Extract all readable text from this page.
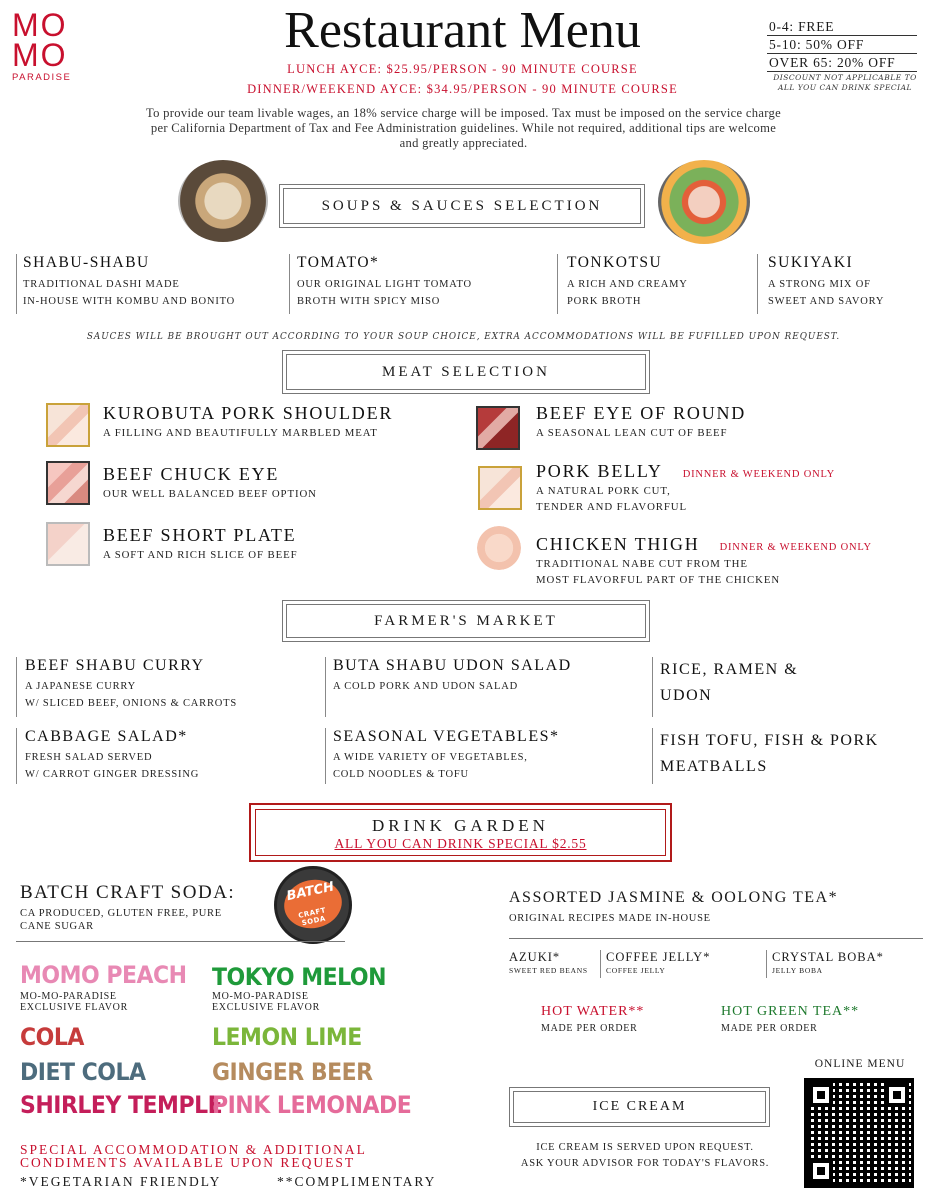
MO
MO
PARADISE
Restaurant Menu
LUNCH AYCE: $25.95/PERSON - 90 MINUTE COURSE
DINNER/WEEKEND AYCE: $34.95/PERSON - 90 MINUTE COURSE
0-4: FREE
5-10: 50% OFF
OVER 65: 20% OFF
DISCOUNT NOT APPLICABLE TO ALL YOU CAN DRINK SPECIAL
To provide our team livable wages, an 18% service charge will be imposed. Tax must be imposed on the service charge per California Department of Tax and Fee Administration guidelines. While not required, additional tips are welcome and greatly appreciated.
SOUPS & SAUCES SELECTION
SHABU-SHABU
TRADITIONAL DASHI MADE
IN-HOUSE WITH KOMBU AND BONITO
TOMATO*
OUR ORIGINAL LIGHT TOMATO
BROTH WITH SPICY MISO
TONKOTSU
A RICH AND CREAMY
PORK BROTH
SUKIYAKI
A STRONG MIX OF
SWEET AND SAVORY
SAUCES WILL BE BROUGHT OUT ACCORDING TO YOUR SOUP CHOICE, EXTRA ACCOMMODATIONS WILL BE FUFILLED UPON REQUEST.
MEAT SELECTION
KUROBUTA PORK SHOULDER
A FILLING AND BEAUTIFULLY MARBLED MEAT
BEEF CHUCK EYE
OUR WELL BALANCED BEEF OPTION
BEEF SHORT PLATE
A SOFT AND RICH SLICE OF BEEF
BEEF EYE OF ROUND
A SEASONAL LEAN CUT OF BEEF
PORK BELLY DINNER & WEEKEND ONLY
A NATURAL PORK CUT,
TENDER AND FLAVORFUL
CHICKEN THIGH DINNER & WEEKEND ONLY
TRADITIONAL NABE CUT FROM THE
MOST FLAVORFUL PART OF THE CHICKEN
FARMER'S MARKET
BEEF SHABU CURRY
A JAPANESE CURRY
W/ SLICED BEEF, ONIONS & CARROTS
BUTA SHABU UDON SALAD
A COLD PORK AND UDON SALAD
RICE, RAMEN &
UDON
CABBAGE SALAD*
FRESH SALAD SERVED
W/ CARROT GINGER DRESSING
SEASONAL VEGETABLES*
A WIDE VARIETY OF VEGETABLES,
COLD NOODLES & TOFU
FISH TOFU, FISH & PORK
MEATBALLS
DRINK GARDEN
ALL YOU CAN DRINK SPECIAL $2.55
BATCH CRAFT SODA:
CA PRODUCED, GLUTEN FREE, PURE
CANE SUGAR
BATCH
CRAFT SODA
MOMO PEACH
MO-MO-PARADISE
EXCLUSIVE FLAVOR
TOKYO MELON
MO-MO-PARADISE
EXCLUSIVE FLAVOR
COLA	LEMON LIME
DIET COLA	GINGER BEER
SHIRLEY TEMPLE
PINK LEMONADE
ASSORTED JASMINE & OOLONG TEA*
ORIGINAL RECIPES MADE IN-HOUSE
AZUKI*
SWEET RED BEANS
COFFEE JELLY*
COFFEE JELLY
CRYSTAL BOBA*
JELLY BOBA
HOT WATER**
MADE PER ORDER
HOT GREEN TEA**
MADE PER ORDER
ICE CREAM
ICE CREAM IS SERVED UPON REQUEST.
ASK YOUR ADVISOR FOR TODAY'S FLAVORS.
ONLINE MENU
SPECIAL ACCOMMODATION & ADDITIONAL
CONDIMENTS AVAILABLE UPON REQUEST
*VEGETARIAN FRIENDLY	**COMPLIMENTARY
